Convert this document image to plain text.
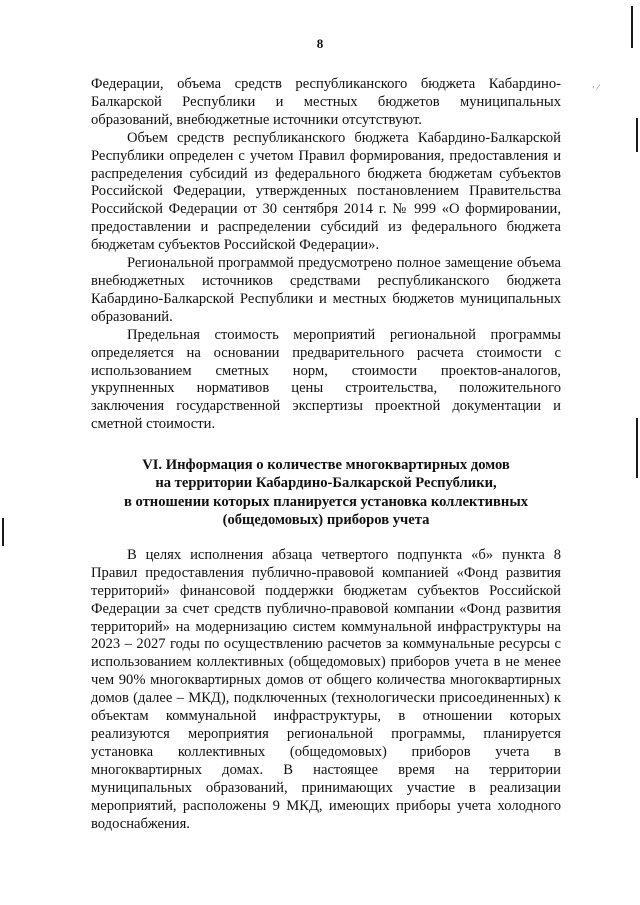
8

Федерации, объема средств республиканского бюджета Кабардино-Балкарской Республики и местных бюджетов муниципальных образований, внебюджетные источники отсутствуют.

Объем средств республиканского бюджета Кабардино-Балкарской Республики определен с учетом Правил формирования, предоставления и распределения субсидий из федерального бюджета бюджетам субъектов Российской Федерации, утвержденных постановлением Правительства Российской Федерации от 30 сентября 2014 г. № 999 «О формировании, предоставлении и распределении субсидий из федерального бюджета бюджетам субъектов Российской Федерации».

Региональной программой предусмотрено полное замещение объема внебюджетных источников средствами республиканского бюджета Кабардино-Балкарской Республики и местных бюджетов муниципальных образований.

Предельная стоимость мероприятий региональной программы определяется на основании предварительного расчета стоимости с использованием сметных норм, стоимости проектов-аналогов, укрупненных нормативов цены строительства, положительного заключения государственной экспертизы проектной документации и сметной стоимости.

VI. Информация о количестве многоквартирных домов
на территории Кабардино-Балкарской Республики,
в отношении которых планируется установка коллективных
(общедомовых) приборов учета

В целях исполнения абзаца четвертого подпункта «б» пункта 8 Правил предоставления публично-правовой компанией «Фонд развития территорий» финансовой поддержки бюджетам субъектов Российской Федерации за счет средств публично-правовой компании «Фонд развития территорий» на модернизацию систем коммунальной инфраструктуры на 2023 – 2027 годы по осуществлению расчетов за коммунальные ресурсы с использованием коллективных (общедомовых) приборов учета в не менее чем 90% многоквартирных домов от общего количества многоквартирных домов (далее – МКД), подключенных (технологически присоединенных) к объектам коммунальной инфраструктуры, в отношении которых реализуются мероприятия региональной программы, планируется установка коллективных (общедомовых) приборов учета в многоквартирных домах. В настоящее время на территории муниципальных образований, принимающих участие в реализации мероприятий, расположены 9 МКД, имеющих приборы учета холодного водоснабжения.

·  ⁄
